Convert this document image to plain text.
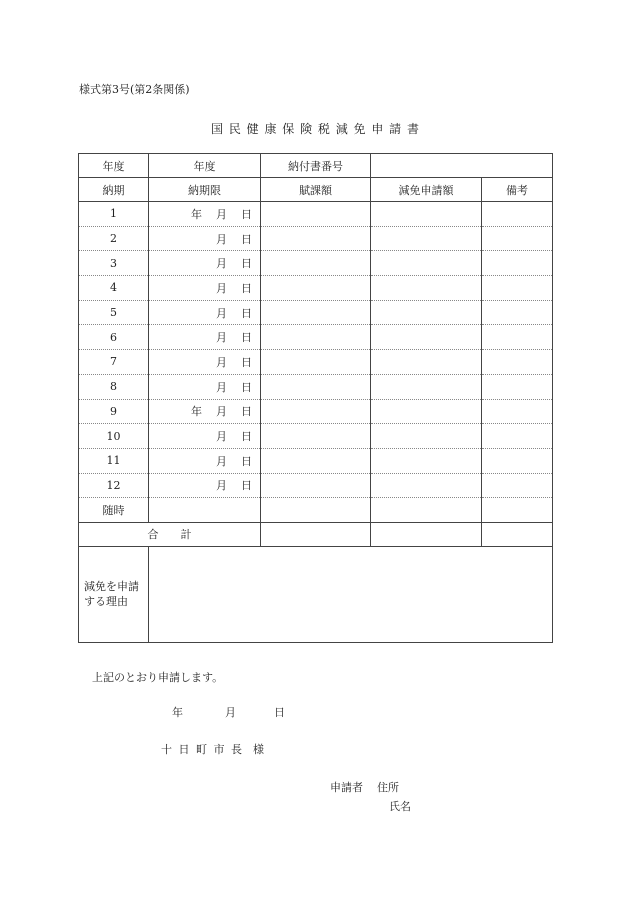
様式第3号(第2条関係)
国 民 健 康 保 険 税 減 免 申 請 書
年度	年度	納付書番号		
納期	納期限	賦課額	減免申請額	備考
1	年 月 日			
2	月 日			
3	月 日			
4	月 日			
5	月 日			
6	月 日			
7	月 日			
8	月 日			
9	年 月 日			
10	月 日			
11	月 日			
12	月 日			
随時				
合　　計				
減免を申請
する理由				
上記のとおり申請します。
年	月	日
十 日 町 市 長　様
申請者 住所
氏名
